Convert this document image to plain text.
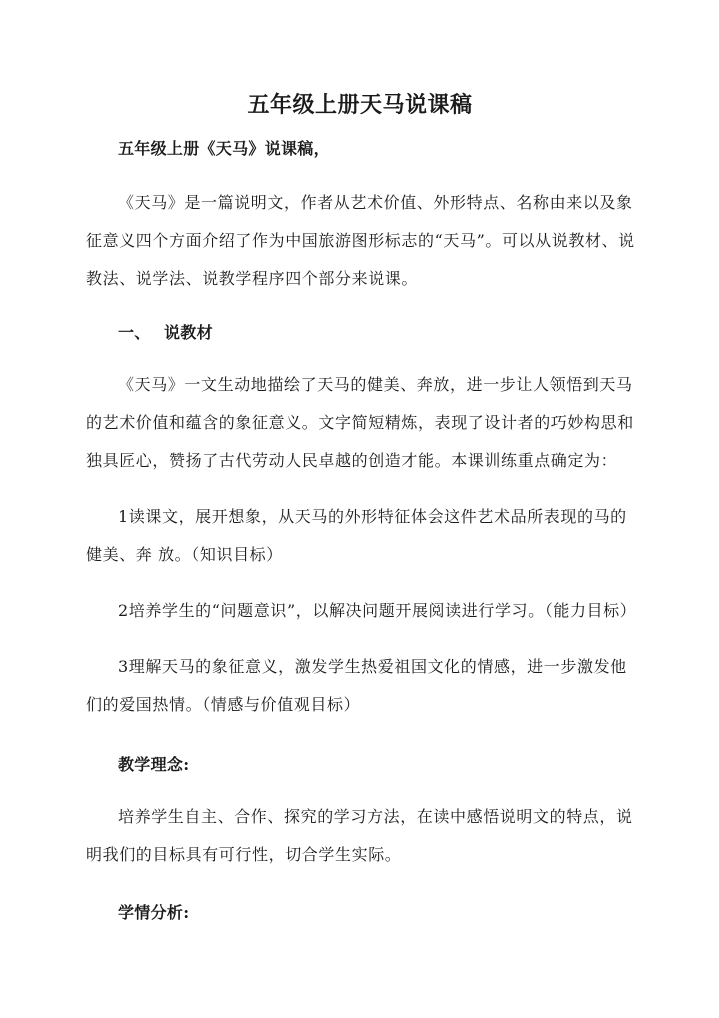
五年级上册天马说课稿

五年级上册《天马》说课稿，

《天马》是一篇说明文，作者从艺术价值、外形特点、名称由来以及象征意义四个方面介绍了作为中国旅游图形标志的“天马”。可以从说教材、说教法、说学法、说教学程序四个部分来说课。

一、 说教材

《天马》一文生动地描绘了天马的健美、奔放，进一步让人领悟到天马的艺术价值和蕴含的象征意义。文字简短精炼，表现了设计者的巧妙构思和独具匠心，赞扬了古代劳动人民卓越的创造才能。本课训练重点确定为：

1读课文，展开想象，从天马的外形特征体会这件艺术品所表现的马的健美、奔 放。（知识目标）

2培养学生的“问题意识”，以解决问题开展阅读进行学习。（能力目标）

3理解天马的象征意义，激发学生热爱祖国文化的情感，进一步激发他们的爱国热情。（情感与价值观目标）

教学理念:

培养学生自主、合作、探究的学习方法，在读中感悟说明文的特点，说明我们的目标具有可行性，切合学生实际。

学情分析:
